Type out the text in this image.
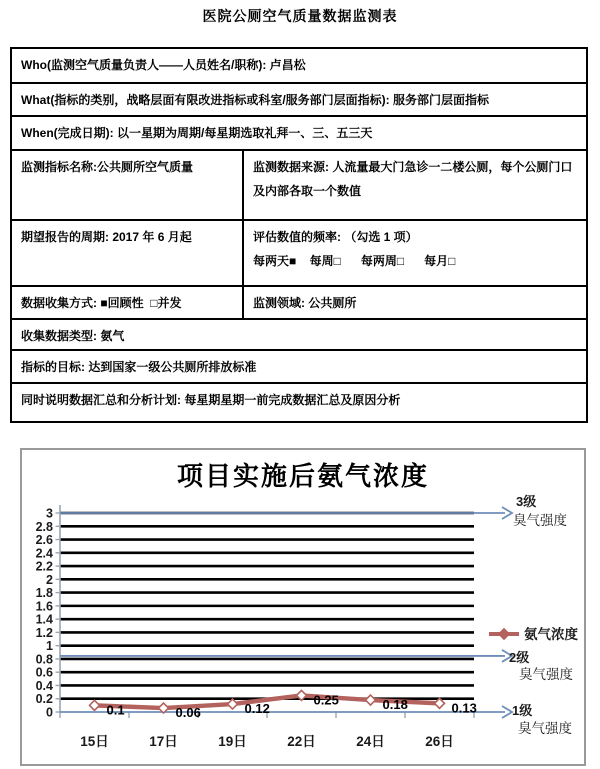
医院公厕空气质量数据监测表
Who(监测空气质量负责人——人员姓名/职称): 卢昌松
What(指标的类别，战略层面有限改进指标或科室/服务部门层面指标): 服务部门层面指标
When(完成日期): 以一星期为周期/每星期选取礼拜一、三、五三天
监测指标名称:公共厕所空气质量	监测数据来源: 人流量最大门急诊一二楼公厕，每个公厕门口及内部各取一个数值
期望报告的周期: 2017 年 6 月起	评估数值的频率: （勾选 1 项）
每两天■    每周□      每两周□      每月□
数据收集方式: ■回顾性  □并发	监测领域: 公共厕所
收集数据类型: 氨气
指标的目标: 达到国家一级公共厕所排放标准
同时说明数据汇总和分析计划: 每星期星期一前完成数据汇总及原因分析
0
0.2
0.4
0.6
0.8
1
1.2
1.4
1.6
1.8
2
2.2
2.4
2.6
2.8
3
15日	17日	19日	22日	24日	26日
3级
臭气强度
2级
臭气强度
1级
臭气强度
0.1	0.06	0.12
0.25	0.18	0.13
氨气浓度
项目实施后氨气浓度
